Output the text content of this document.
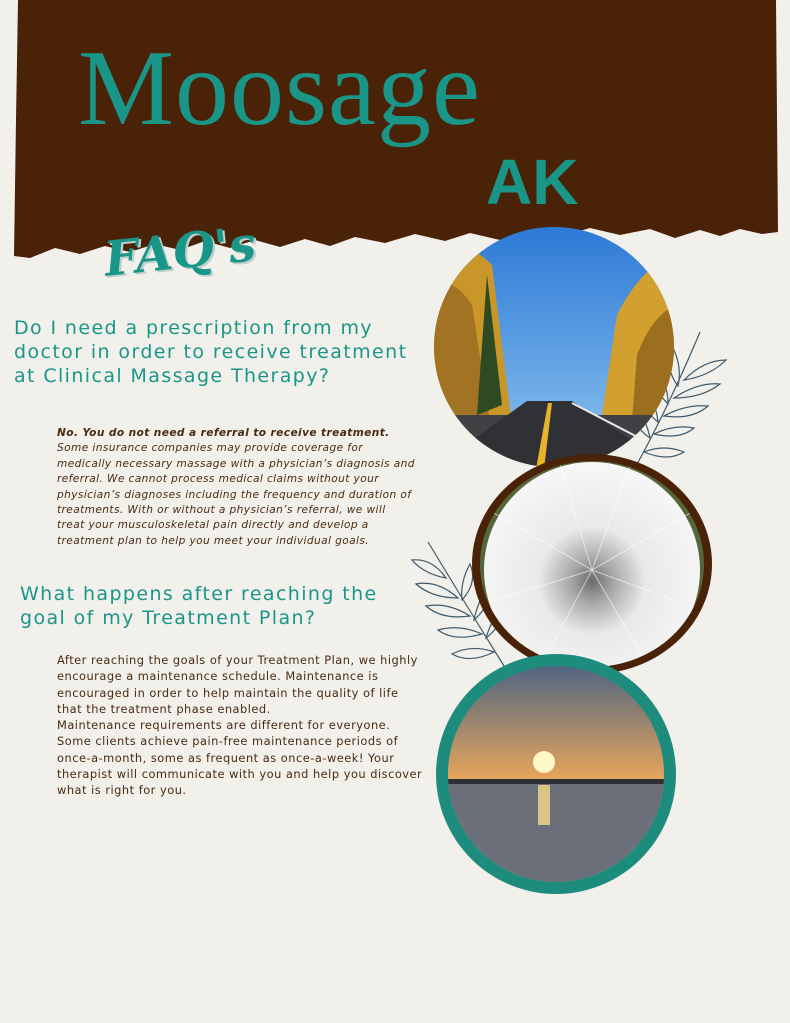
Moosage
AK
FAQ's
Do I need a prescription from my doctor in order to receive treatment at Clinical Massage Therapy?
No. You do not need a referral to receive treatment. Some insurance companies may provide coverage for medically necessary massage with a physician’s diagnosis and referral. We cannot process medical claims without your physician’s diagnoses including the frequency and duration of treatments. With or without a physician’s referral, we will treat your musculoskeletal pain directly and develop a treatment plan to help you meet your individual goals.
What happens after reaching the goal of my Treatment Plan?

After reaching the goals of your Treatment Plan, we highly encourage a maintenance schedule. Maintenance is encouraged in order to help maintain the quality of life that the treatment phase enabled.

Maintenance requirements are different for everyone. Some clients achieve pain-free maintenance periods of once-a-month, some as frequent as once-a-week! Your therapist will communicate with you and help you discover what is right for you.
